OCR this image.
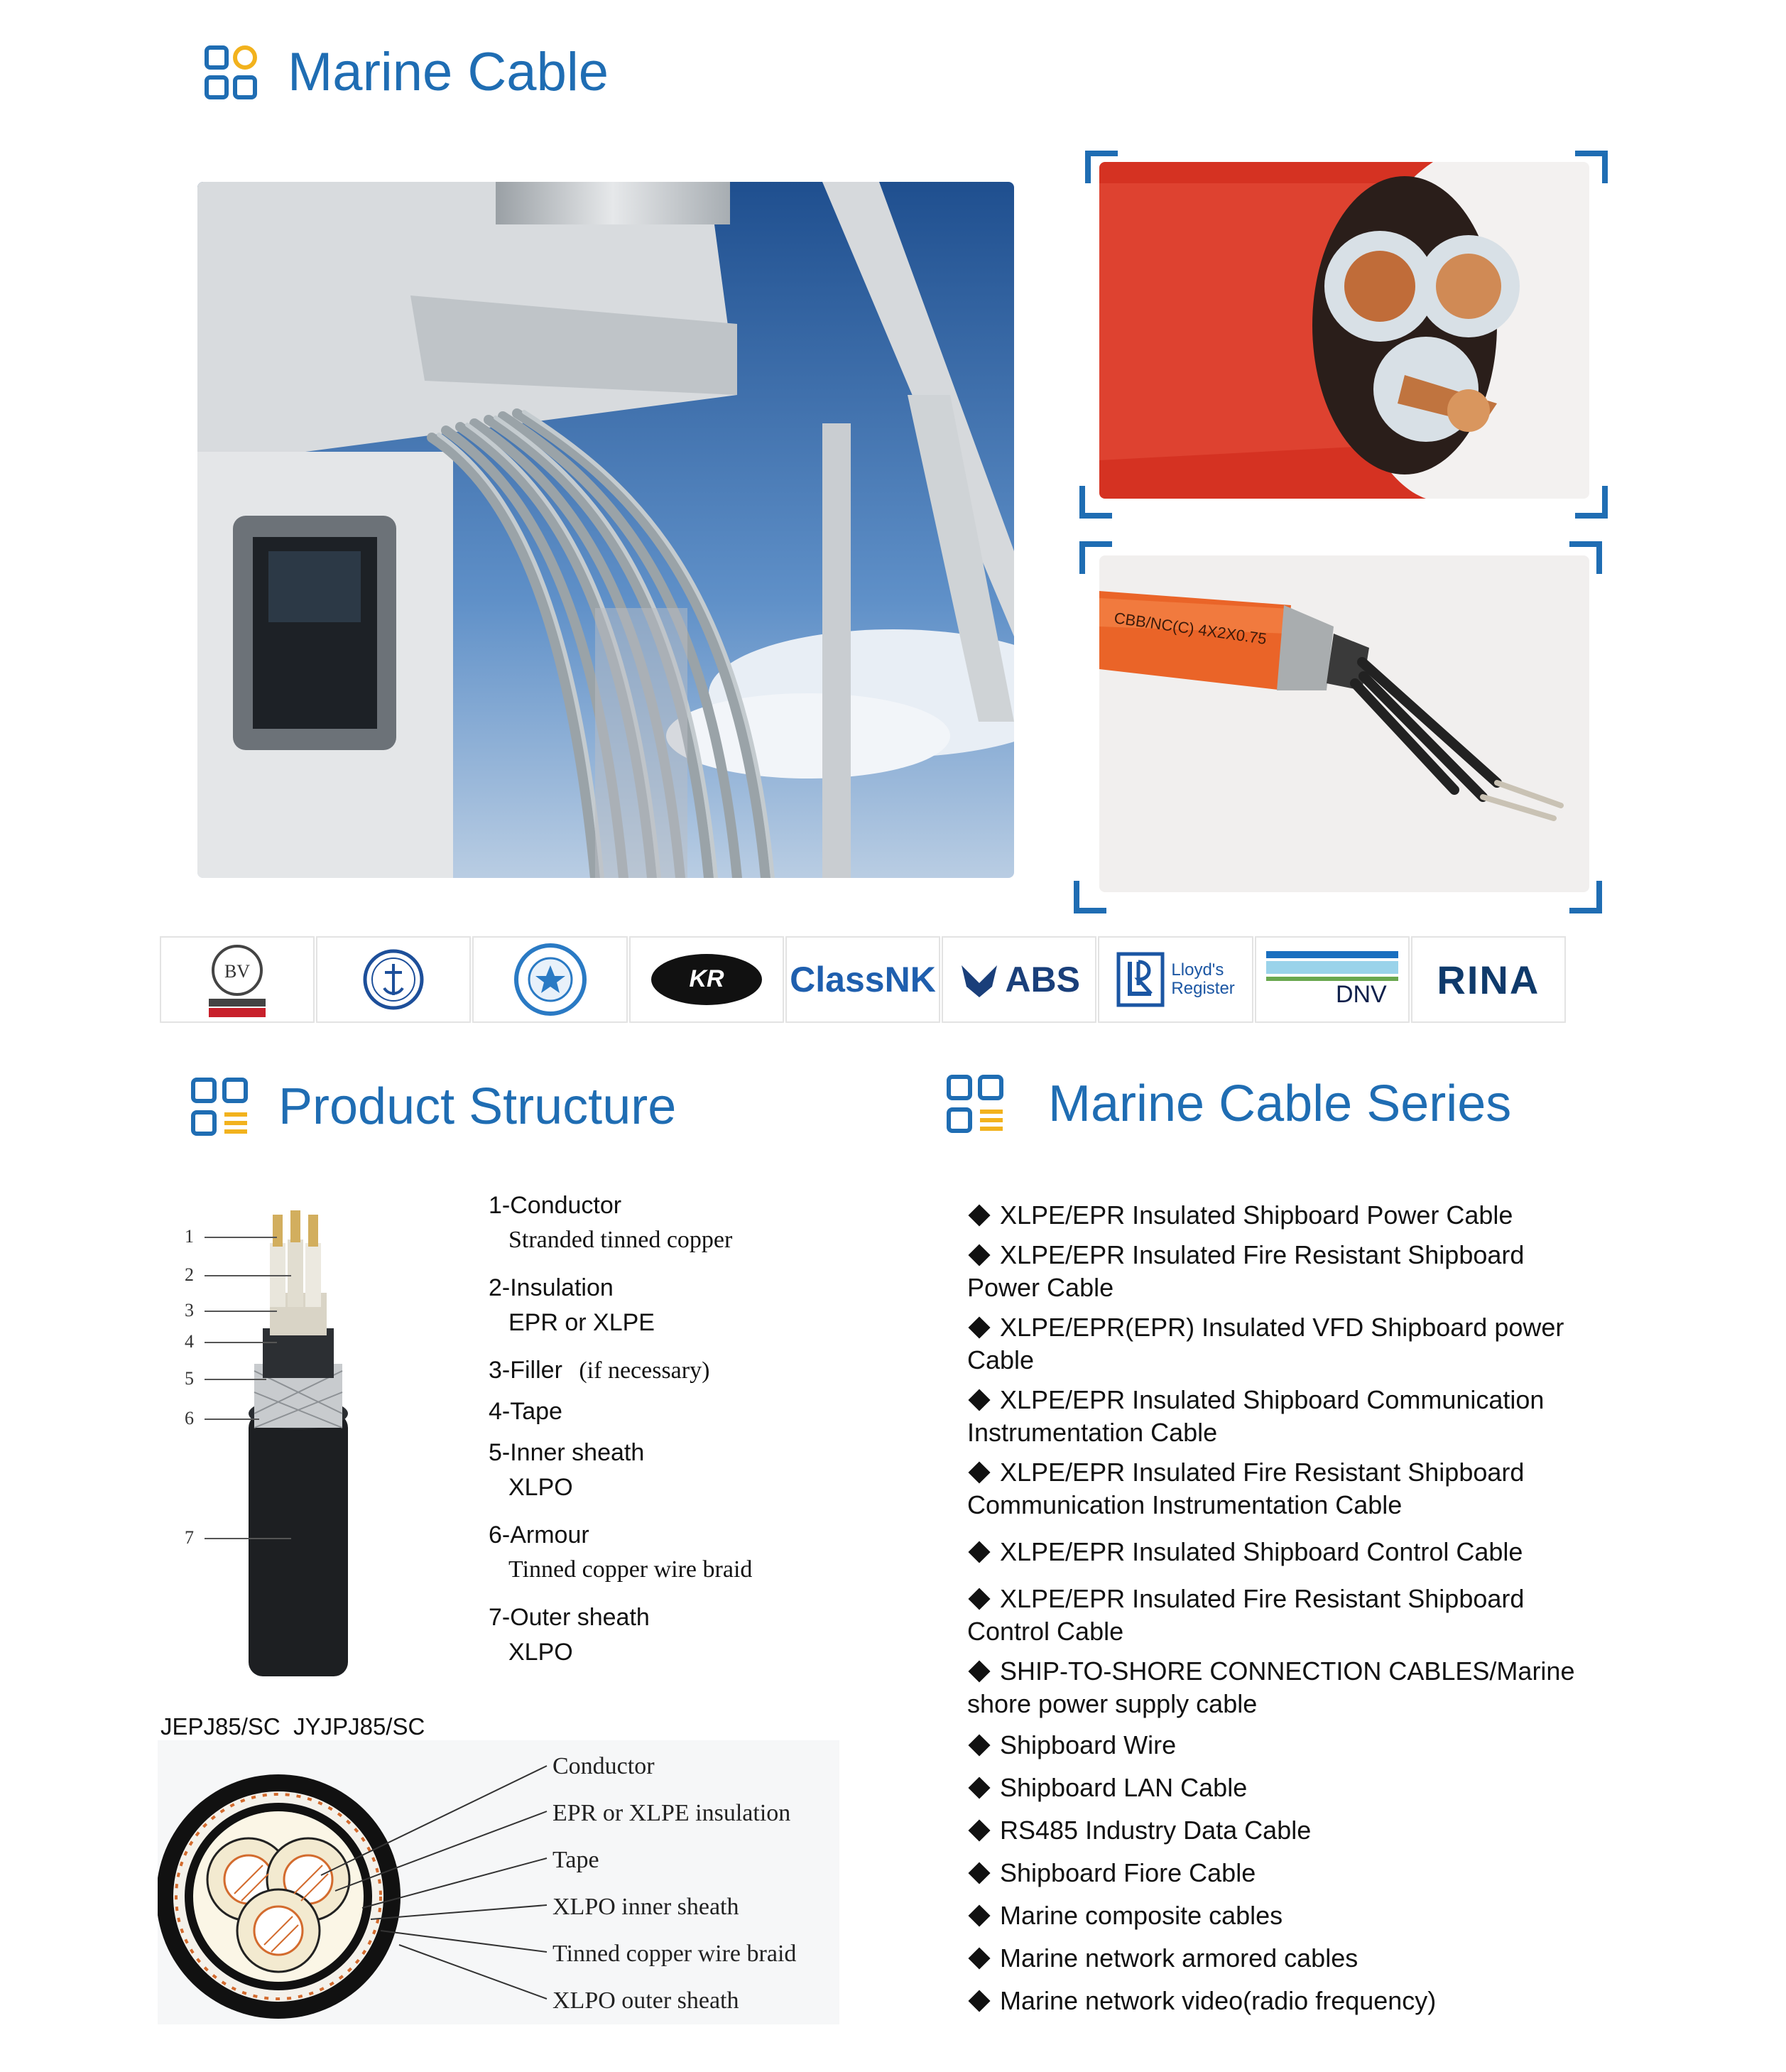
Marine Cable
CBB/NC(C) 4X2X0.75
BV	KR ClassNK ABS	Lloyd's Register	DNV RINA
Product Structure	Marine Cable Series
1
2
3
4
5
6
7
1-Conductor
Stranded tinned copper
2-Insulation
EPR or XLPE
3-Filler (if necessary)
4-Tape
5-Inner sheath
XLPO
6-Armour
Tinned copper wire braid
7-Outer sheath
XLPO
JEPJ85/SC  JYJPJ85/SC
Conductor
EPR or XLPE insulation
Tape
XLPO inner sheath
Tinned copper wire braid
XLPO outer sheath
XLPE/EPR Insulated Shipboard Power Cable
XLPE/EPR Insulated Fire Resistant Shipboard Power Cable
XLPE/EPR(EPR) Insulated VFD Shipboard power Cable
XLPE/EPR Insulated Shipboard Communication Instrumentation Cable
XLPE/EPR Insulated Fire Resistant Shipboard Communication Instrumentation Cable
XLPE/EPR Insulated Shipboard Control Cable
XLPE/EPR Insulated Fire Resistant Shipboard Control Cable
SHIP-TO-SHORE CONNECTION CABLES/Marine shore power supply cable
Shipboard Wire
Shipboard LAN Cable
RS485 Industry Data Cable
Shipboard Fiore Cable
Marine composite cables
Marine network armored cables
Marine network video(radio frequency)
